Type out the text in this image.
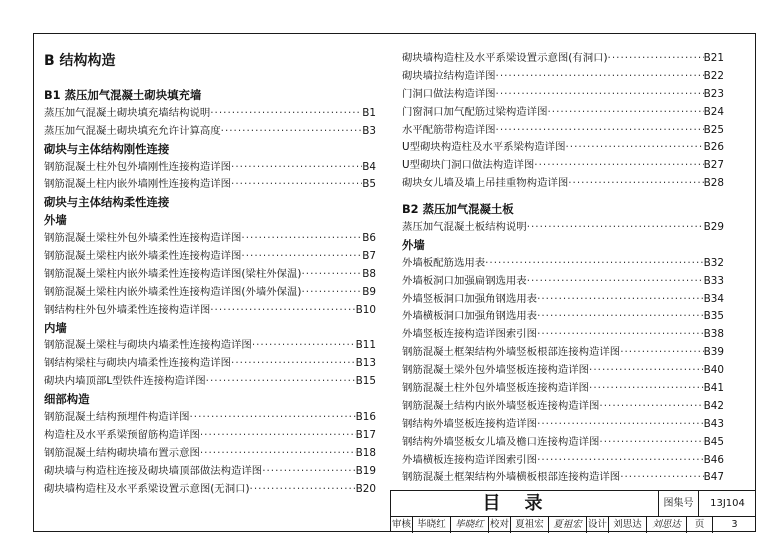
B 结构构造
B1 蒸压加气混凝土砌块填充墙
蒸压加气混凝土砌块填充墙结构说明 ·····	B1
蒸压加气混凝土砌块填充允许计算高度 ·····	B3
砌块与主体结构刚性连接
钢筋混凝土柱外包外墙刚性连接构造详图 ·····	B4
钢筋混凝土柱内嵌外墙刚性连接构造详图 ·····	B5
砌块与主体结构柔性连接
外墙
钢筋混凝土梁柱外包外墙柔性连接构造详图 ·····	B6
钢筋混凝土梁柱内嵌外墙柔性连接构造详图 ·····	B7
钢筋混凝土梁柱内嵌外墙柔性连接构造详图(梁柱外保温) ·····	B8
钢筋混凝土梁柱内嵌外墙柔性连接构造详图(外墙外保温) ·····	B9
钢结构柱外包外墙柔性连接构造详图 ·····	B10
内墙
钢筋混凝土梁柱与砌块内墙柔性连接构造详图 ·····	B11
钢结构梁柱与砌块内墙柔性连接构造详图 ·····	B13
砌块内墙顶部L型铁件连接构造详图 ·····	B15
细部构造
钢筋混凝土结构预埋件构造详图 ·····	B16
构造柱及水平系梁预留筋构造详图 ·····	B17
钢筋混凝土结构砌块墙布置示意图 ·····	B18
砌块墙与构造柱连接及砌块墙顶部做法构造详图 ·····	B19
砌块墙构造柱及水平系梁设置示意图(无洞口) ·····	B20
砌块墙构造柱及水平系梁设置示意图(有洞口) ·····	B21
砌块墙拉结构造详图 ·····	B22
门洞口做法构造详图 ·····	B23
门窗洞口加气配筋过梁构造详图 ·····	B24
水平配筋带构造详图 ·····	B25
U型砌块构造柱及水平系梁构造详图 ·····	B26
U型砌块门洞口做法构造详图 ·····	B27
砌块女儿墙及墙上吊挂重物构造详图 ·····	B28
B2 蒸压加气混凝土板
蒸压加气混凝土板结构说明 ·····	B29
外墙
外墙板配筋选用表 ·····	B32
外墙板洞口加强扁钢选用表 ·····	B33
外墙竖板洞口加强角钢选用表 ·····	B34
外墙横板洞口加强角钢选用表 ·····	B35
外墙竖板连接构造详图索引图 ·····	B38
钢筋混凝土框架结构外墙竖板根部连接构造详图 ·····	B39
钢筋混凝土梁外包外墙竖板连接构造详图 ·····	B40
钢筋混凝土柱外包外墙竖板连接构造详图 ·····	B41
钢筋混凝土结构内嵌外墙竖板连接构造详图 ·····	B42
钢结构外墙竖板连接构造详图 ·····	B43
钢结构外墙竖板女儿墙及檐口连接构造详图 ·····	B45
外墙横板连接构造详图索引图 ·····	B46
钢筋混凝土框架结构外墙横板根部连接构造详图 ·····	B47
目录	图集号	13J104
审核 毕晓红 毕晓红 校对 夏祖宏 夏祖宏 设计 刘思达	刘思达	页	3
